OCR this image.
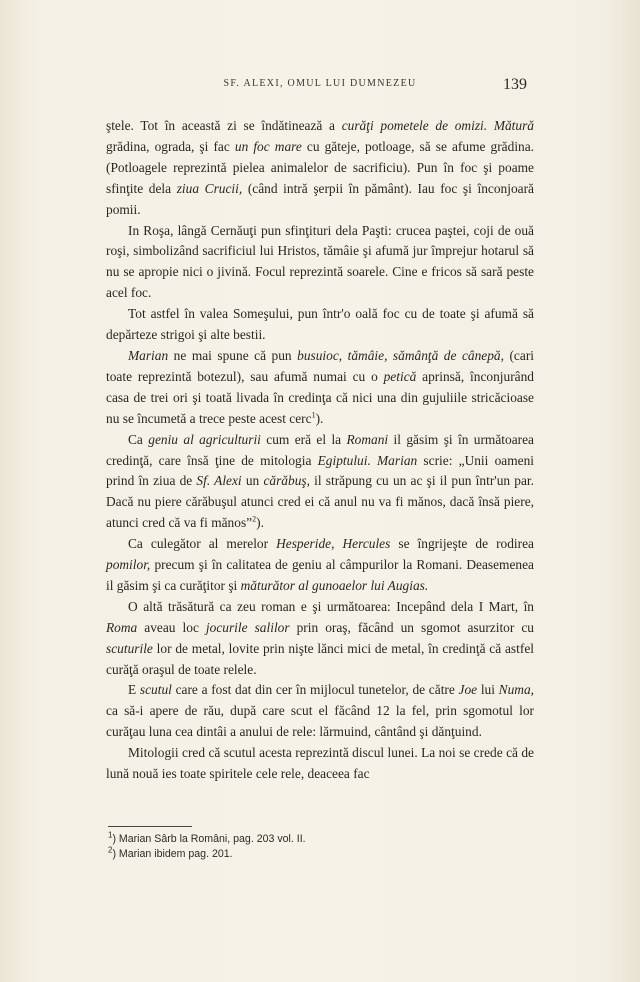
SF. ALEXI, OMUL LUI DUMNEZEU	139

ştele. Tot în această zi se îndătinează a curăţi pometele de omizi. Mătură grădina, ograda, şi fac un foc mare cu găteje, potloage, să se afume grădina. (Potloagele reprezintă pielea animalelor de sacrificiu). Pun în foc şi poame sfinţite dela ziua Crucii, (când intră şerpii în pământ). Iau foc şi înconjoară pomii.

In Roşa, lângă Cernăuţi pun sfinţituri dela Paşti: crucea paştei, coji de ouă roşi, simbolizând sacrificiul lui Hristos, tămâie şi afumă jur împrejur hotarul să nu se apropie nici o jivină. Focul reprezintă soarele. Cine e fricos să sară peste acel foc.

Tot astfel în valea Someşului, pun într'o oală foc cu de toate şi afumă să depărteze strigoi şi alte bestii.

Marian ne mai spune că pun busuioc, tămâie, sămânţă de cânepă, (cari toate reprezintă botezul), sau afumă numai cu o petică aprinsă, înconjurând casa de trei ori şi toată livada în credinţa că nici una din gujuliile stricăcioase nu se încumetă a trece peste acest cerc$^1$).

Ca geniu al agriculturii cum eră el la Romani il găsim şi în următoarea credinţă, care însă ţine de mitologia Egiptului. Marian scrie: „Unii oameni prind în ziua de Sf. Alexi un cărăbuş, il străpung cu un ac şi il pun într'un par. Dacă nu piere cărăbuşul atunci cred ei că anul nu va fi mănos, dacă însă piere, atunci cred că va fi mănos”$^2$).

Ca culegător al merelor Hesperide, Hercules se îngrijeşte de rodirea pomilor, precum şi în calitatea de geniu al câmpurilor la Romani. Deasemenea il găsim şi ca curăţitor şi măturător al gunoaelor lui Augias.

O altă trăsătură ca zeu roman e şi următoarea: Incepând dela I Mart, în Roma aveau loc jocurile salilor prin oraş, făcând un sgomot asurzitor cu scuturile lor de metal, lovite prin nişte lănci mici de metal, în credinţă că astfel curăţă oraşul de toate relele.

E scutul care a fost dat din cer în mijlocul tunetelor, de către Joe lui Numa, ca să-i apere de rău, după care scut el făcând 12 la fel, prin sgomotul lor curăţau luna cea dintâi a anului de rele: lărmuind, cântând şi dănţuind.

Mitologii cred că scutul acesta reprezintă discul lunei. La noi se crede că de lună nouă ies toate spiritele cele rele, deaceea fac

$^1$) Marian Sârb la Români, pag. 203 vol. II.
$^2$) Marian ibidem pag. 201.
